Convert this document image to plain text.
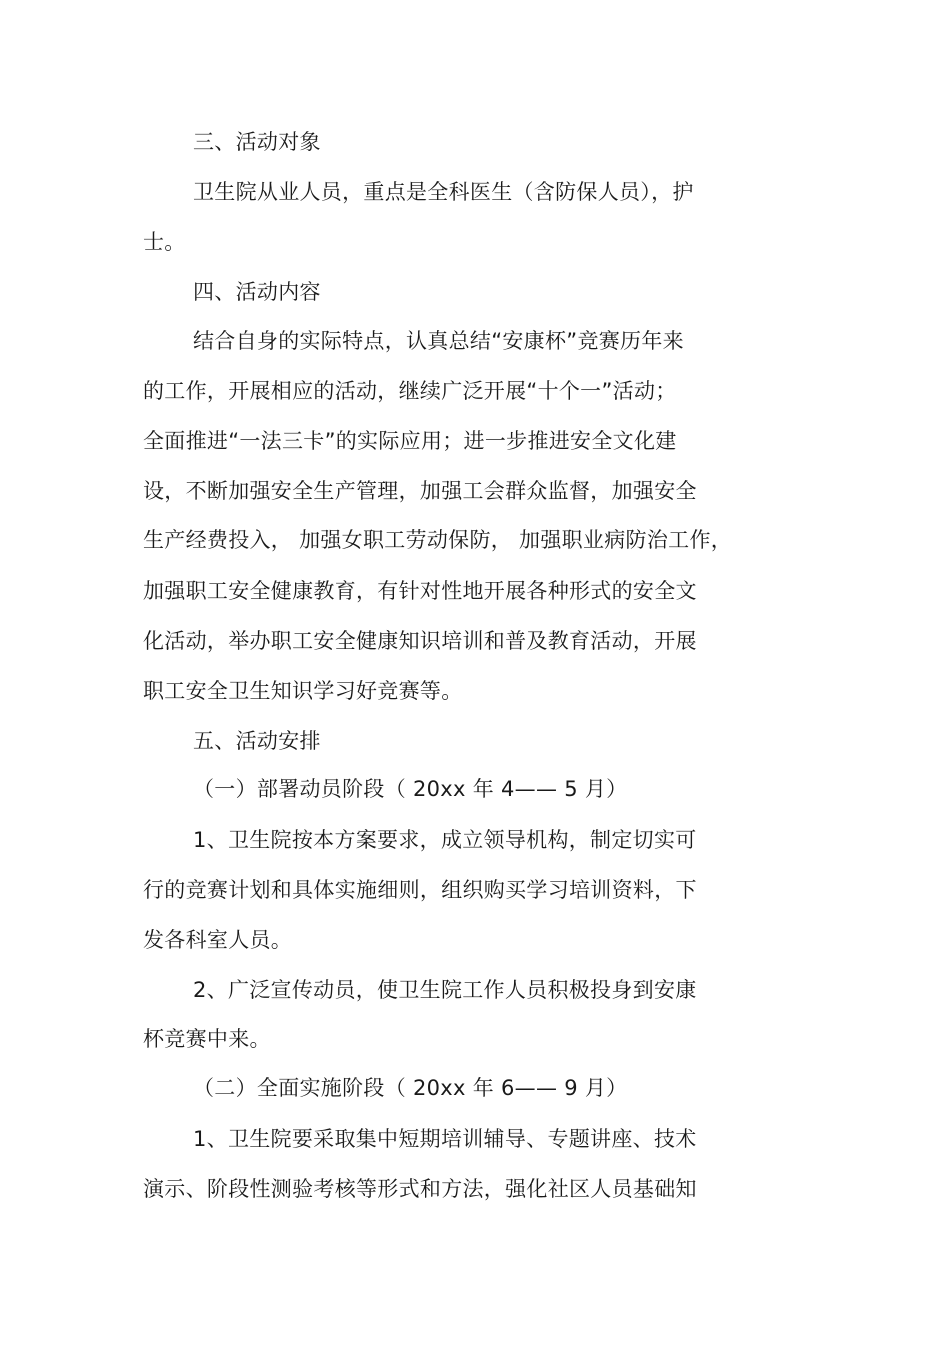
三、活动对象
卫生院从业人员，重点是全科医生（含防保人员），护
士。
四、活动内容
结合自身的实际特点，认真总结“安康杯”竞赛历年来
的工作，开展相应的活动，继续广泛开展“十个一”活动；
全面推进“一法三卡”的实际应用；进一步推进安全文化建
设，不断加强安全生产管理，加强工会群众监督，加强安全
生产经费投入， 加强女职工劳动保防， 加强职业病防治工作，
加强职工安全健康教育，有针对性地开展各种形式的安全文
化活动，举办职工安全健康知识培训和普及教育活动，开展
职工安全卫生知识学习好竞赛等。
五、活动安排
（一）部署动员阶段（ 20xx 年 4—— 5 月）
1、卫生院按本方案要求，成立领导机构，制定切实可
行的竞赛计划和具体实施细则，组织购买学习培训资料，下
发各科室人员。
2、广泛宣传动员，使卫生院工作人员积极投身到安康
杯竞赛中来。
（二）全面实施阶段（ 20xx 年 6—— 9 月）
1、卫生院要采取集中短期培训辅导、专题讲座、技术
演示、阶段性测验考核等形式和方法，强化社区人员基础知
